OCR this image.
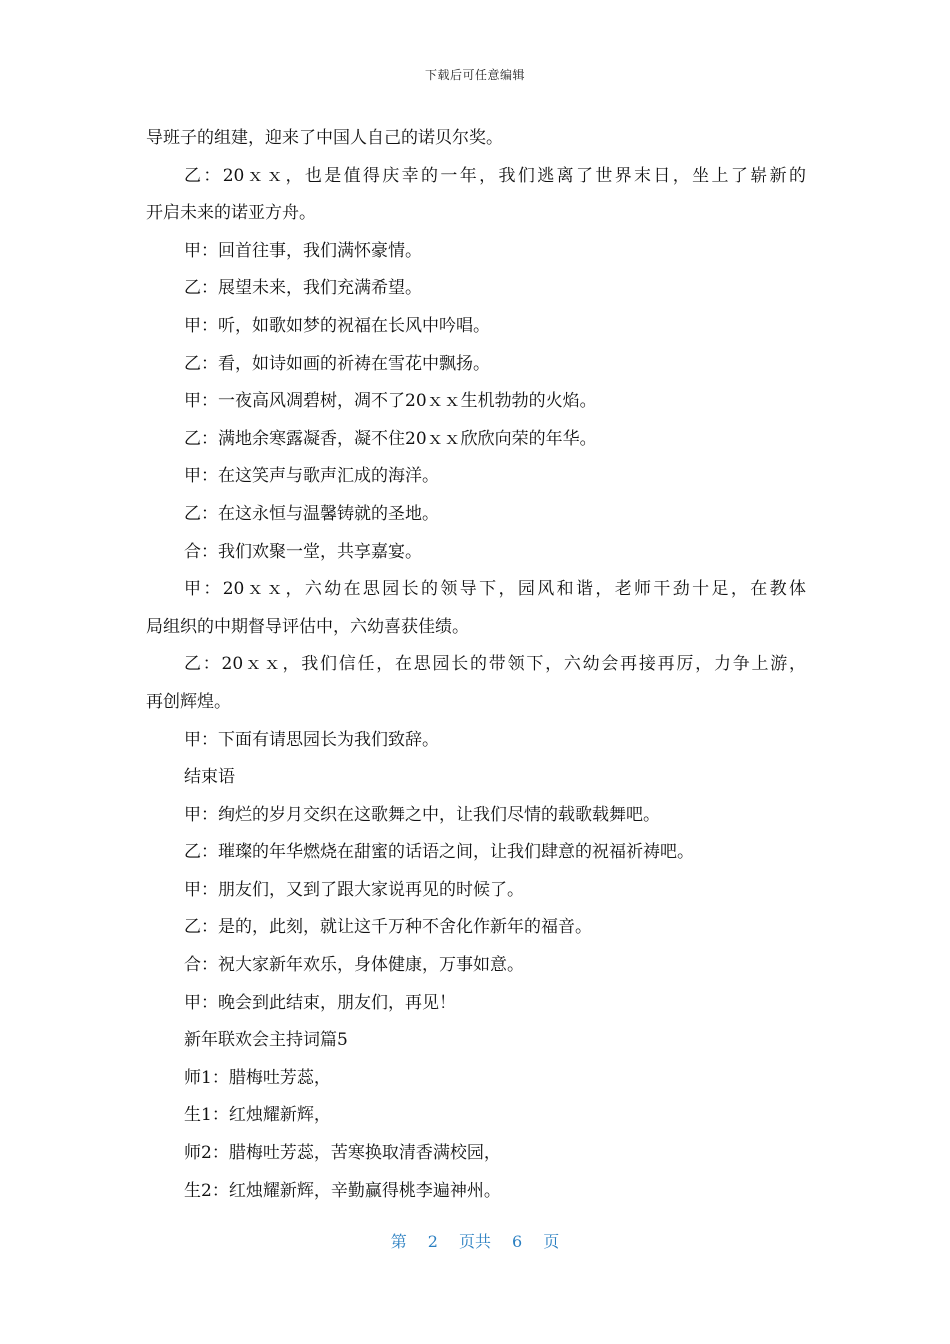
下载后可任意编辑
导班子的组建，迎来了中国人自己的诺贝尔奖。
乙：20ｘｘ，也是值得庆幸的一年，我们逃离了世界末日，坐上了崭新的
开启未来的诺亚方舟。
甲：回首往事，我们满怀豪情。
乙：展望未来，我们充满希望。
甲：听，如歌如梦的祝福在长风中吟唱。
乙：看，如诗如画的祈祷在雪花中飘扬。
甲：一夜高风凋碧树，凋不了20ｘｘ生机勃勃的火焰。
乙：满地余寒露凝香，凝不住20ｘｘ欣欣向荣的年华。
甲：在这笑声与歌声汇成的海洋。
乙：在这永恒与温馨铸就的圣地。
合：我们欢聚一堂，共享嘉宴。
甲：20ｘｘ，六幼在思园长的领导下，园风和谐，老师干劲十足，在教体
局组织的中期督导评估中，六幼喜获佳绩。
乙：20ｘｘ，我们信任，在思园长的带领下，六幼会再接再厉，力争上游，
再创辉煌。
甲：下面有请思园长为我们致辞。
结束语
甲：绚烂的岁月交织在这歌舞之中，让我们尽情的载歌载舞吧。
乙：璀璨的年华燃烧在甜蜜的话语之间，让我们肆意的祝福祈祷吧。
甲：朋友们，又到了跟大家说再见的时候了。
乙：是的，此刻，就让这千万种不舍化作新年的福音。
合：祝大家新年欢乐，身体健康，万事如意。
甲：晚会到此结束，朋友们，再见！
新年联欢会主持词篇5
师1：腊梅吐芳蕊，
生1：红烛耀新辉，
师2：腊梅吐芳蕊，苦寒换取清香满校园，
生2：红烛耀新辉，辛勤赢得桃李遍神州。
第 2 页共 6 页
